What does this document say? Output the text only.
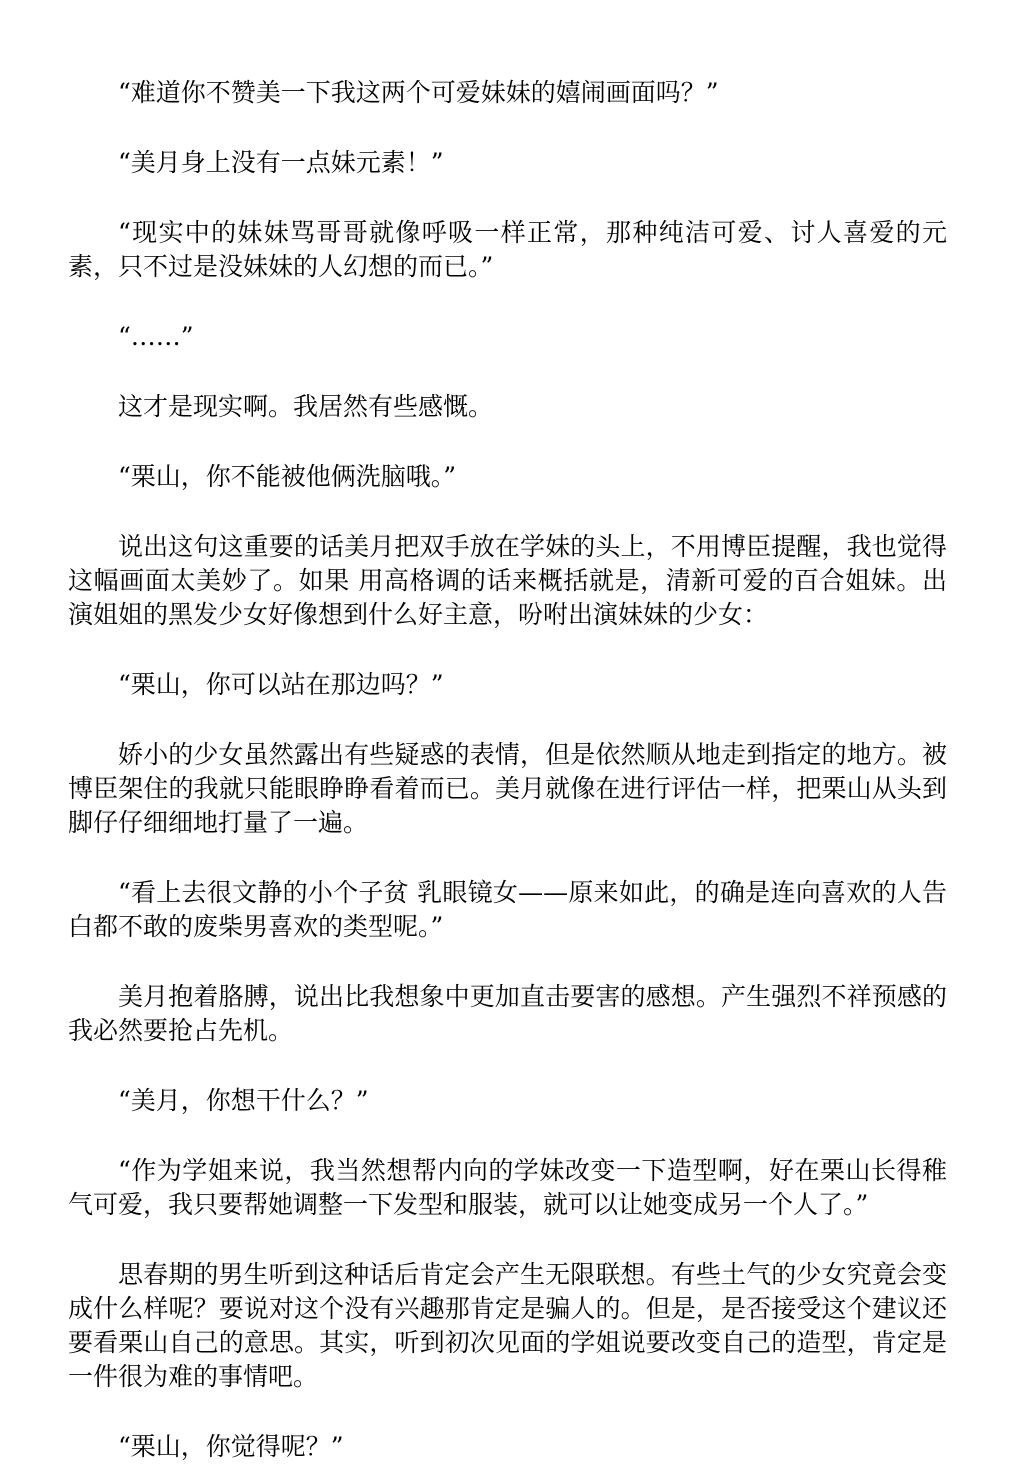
“难道你不赞美一下我这两个可爱妹妹的嬉闹画面吗？”

“美月身上没有一点妹元素！”

“现实中的妹妹骂哥哥就像呼吸一样正常，那种纯洁可爱、讨人喜爱的元素，只不过是没妹妹的人幻想的而已。”

“……”

这才是现实啊。我居然有些感慨。

“栗山，你不能被他俩洗脑哦。”

说出这句这重要的话美月把双手放在学妹的头上，不用博臣提醒，我也觉得这幅画面太美妙了。如果 用高格调的话来概括就是，清新可爱的百合姐妹。出演姐姐的黑发少女好像想到什么好主意，吩咐出演妹妹的少女：

“栗山，你可以站在那边吗？”

娇小的少女虽然露出有些疑惑的表情，但是依然顺从地走到指定的地方。被博臣架住的我就只能眼睁睁看着而已。美月就像在进行评估一样，把栗山从头到脚仔仔细细地打量了一遍。

“看上去很文静的小个子贫 乳眼镜女——原来如此，的确是连向喜欢的人告白都不敢的废柴男喜欢的类型呢。”

美月抱着胳膊，说出比我想象中更加直击要害的感想。产生强烈不祥预感的我必然要抢占先机。

“美月，你想干什么？”

“作为学姐来说，我当然想帮内向的学妹改变一下造型啊，好在栗山长得稚气可爱，我只要帮她调整一下发型和服装，就可以让她变成另一个人了。”

思春期的男生听到这种话后肯定会产生无限联想。有些土气的少女究竟会变成什么样呢？要说对这个没有兴趣那肯定是骗人的。但是，是否接受这个建议还要看栗山自己的意思。其实，听到初次见面的学姐说要改变自己的造型，肯定是一件很为难的事情吧。

“栗山，你觉得呢？”
